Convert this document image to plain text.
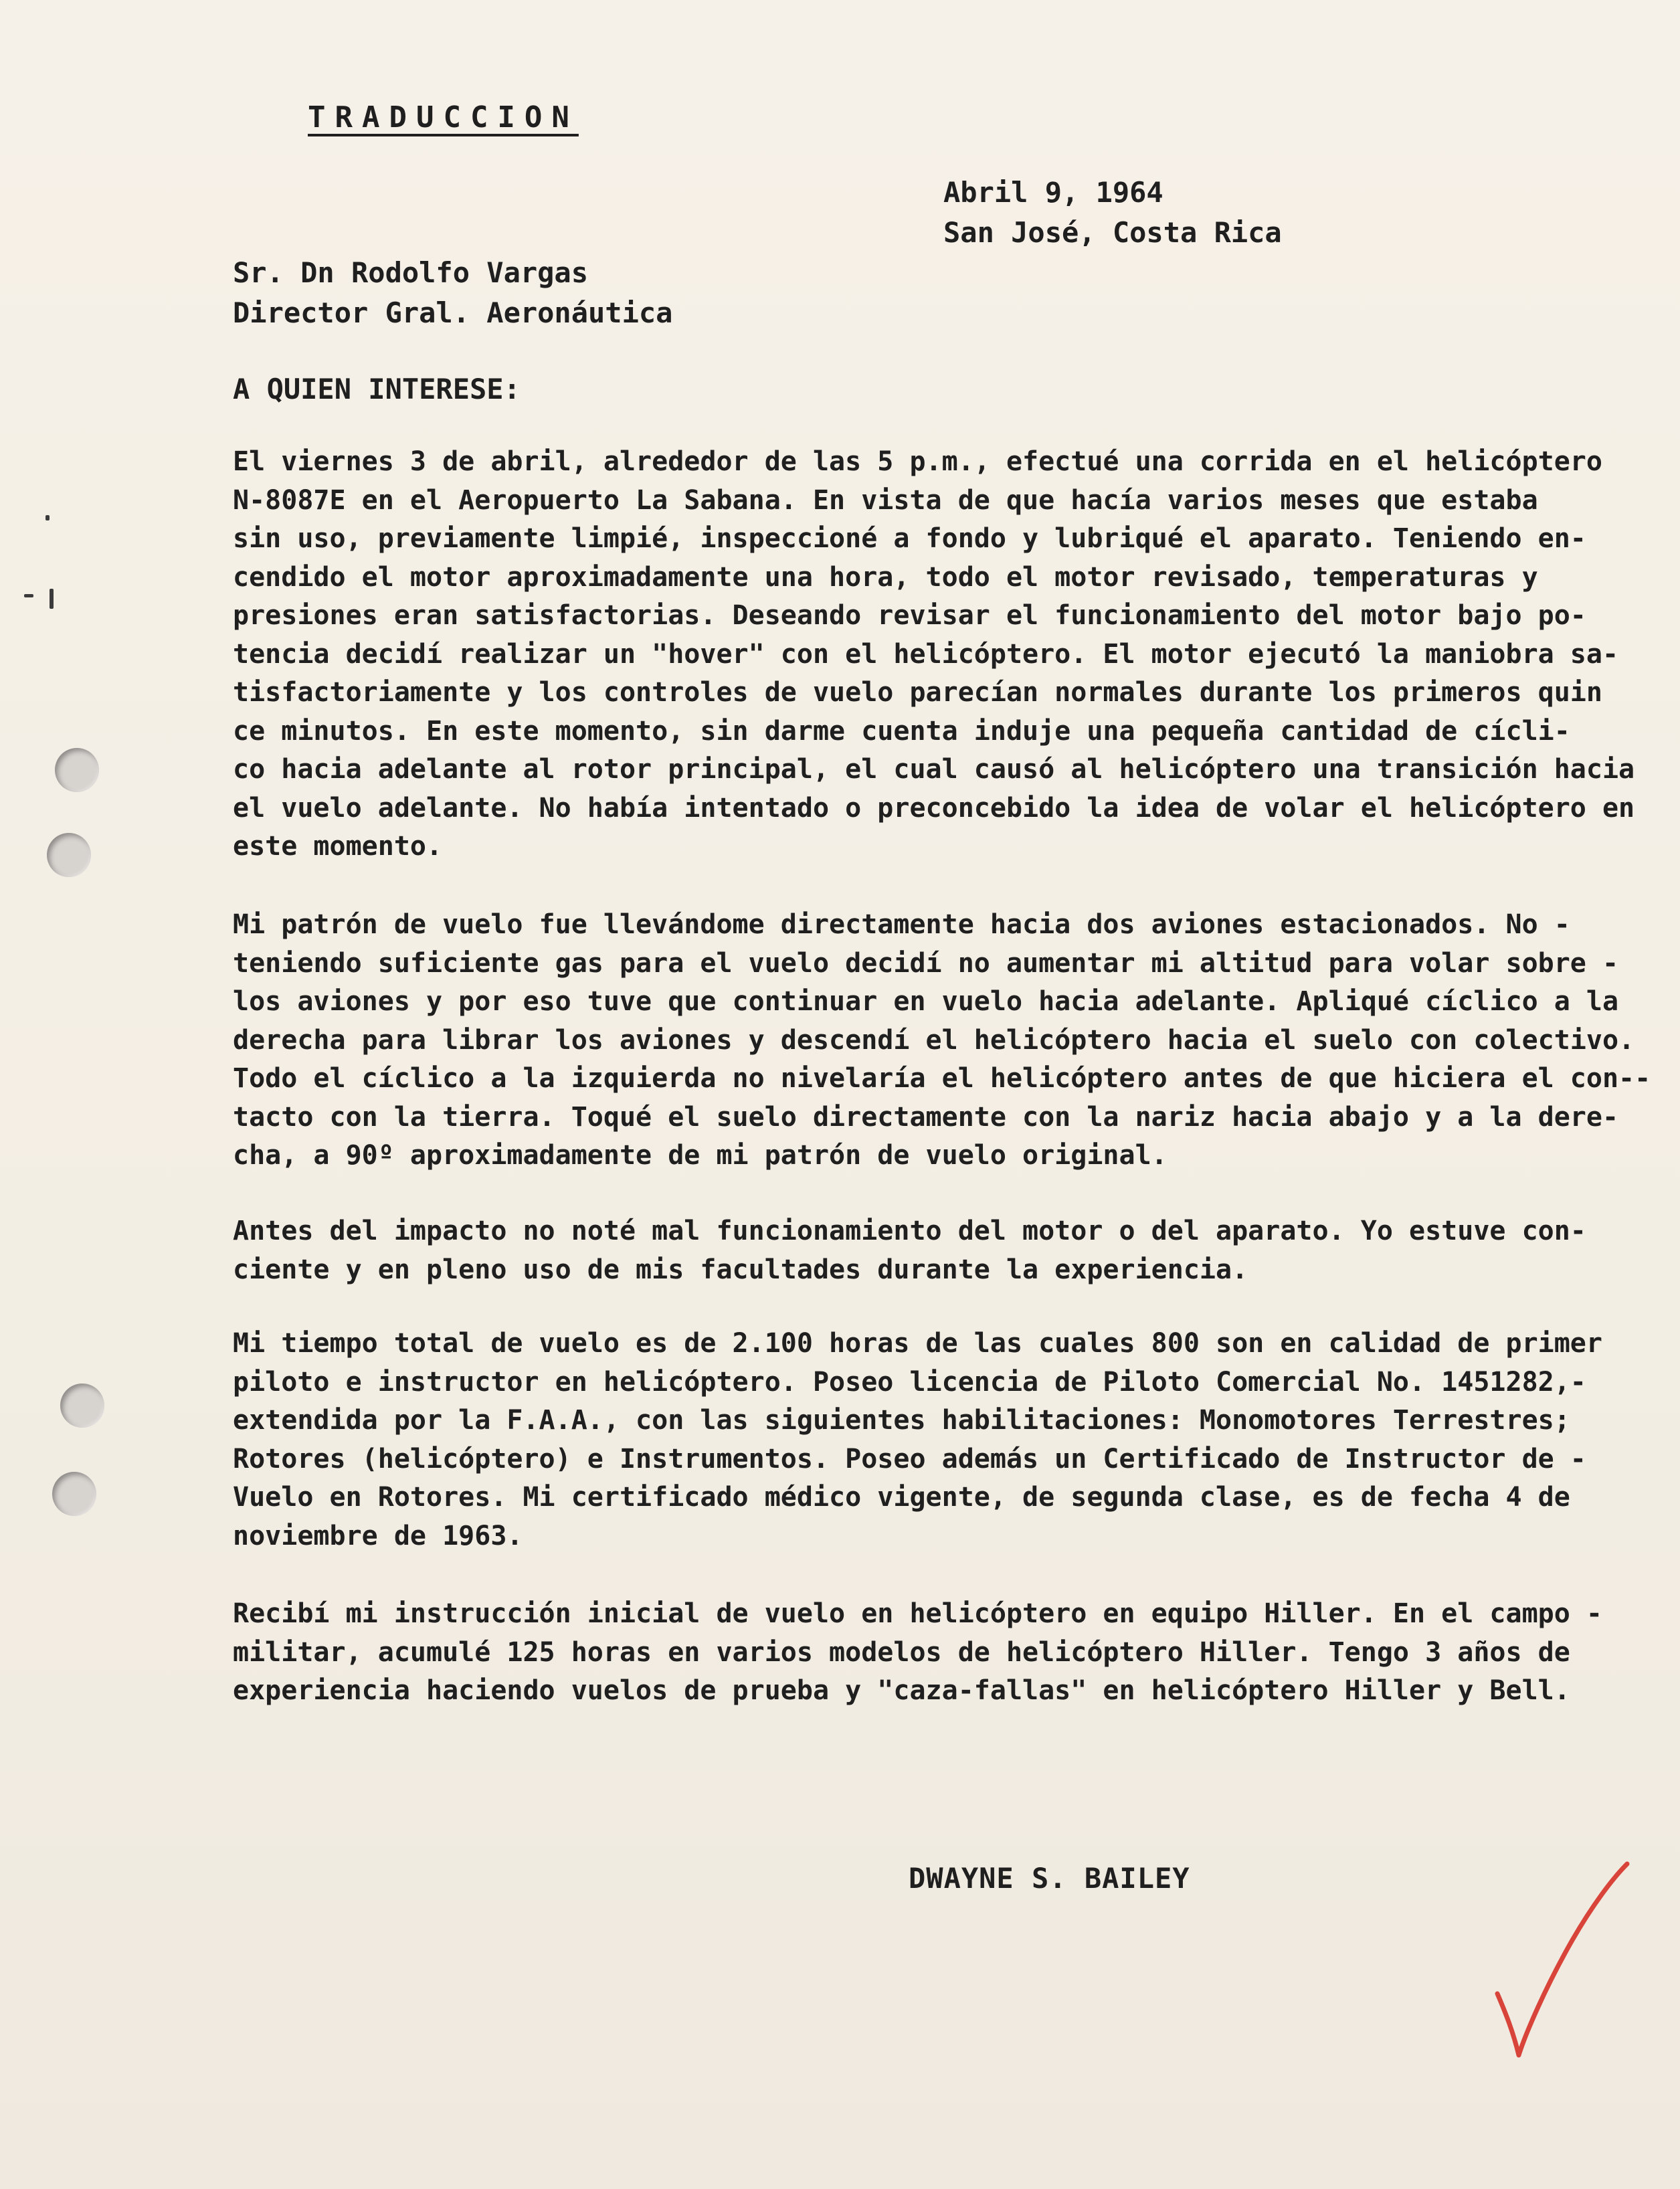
TRADUCCION
Abril 9, 1964
San José, Costa Rica
Sr. Dn Rodolfo Vargas
Director Gral. Aeronáutica
A QUIEN INTERESE:
El viernes 3 de abril, alrededor de las 5 p.m., efectué una corrida en el helicóptero
N-8087E en el Aeropuerto La Sabana. En vista de que hacía varios meses que estaba
sin uso, previamente limpié, inspeccioné a fondo y lubriqué el aparato. Teniendo en-
cendido el motor aproximadamente una hora, todo el motor revisado, temperaturas y
presiones eran satisfactorias. Deseando revisar el funcionamiento del motor bajo po-
tencia decidí realizar un "hover" con el helicóptero. El motor ejecutó la maniobra sa-
tisfactoriamente y los controles de vuelo parecían normales durante los primeros quin
ce minutos. En este momento, sin darme cuenta induje una pequeña cantidad de cícli-
co hacia adelante al rotor principal, el cual causó al helicóptero una transición hacia
el vuelo adelante. No había intentado o preconcebido la idea de volar el helicóptero en
este momento.
Mi patrón de vuelo fue llevándome directamente hacia dos aviones estacionados. No -
teniendo suficiente gas para el vuelo decidí no aumentar mi altitud para volar sobre -
los aviones y por eso tuve que continuar en vuelo hacia adelante. Apliqué cíclico a la
derecha para librar los aviones y descendí el helicóptero hacia el suelo con colectivo.
Todo el cíclico a la izquierda no nivelaría el helicóptero antes de que hiciera el con--
tacto con la tierra. Toqué el suelo directamente con la nariz hacia abajo y a la dere-
cha, a 90º aproximadamente de mi patrón de vuelo original.
Antes del impacto no noté mal funcionamiento del motor o del aparato. Yo estuve con-
ciente y en pleno uso de mis facultades durante la experiencia.
Mi tiempo total de vuelo es de 2.100 horas de las cuales 800 son en calidad de primer
piloto e instructor en helicóptero. Poseo licencia de Piloto Comercial No. 1451282,-
extendida por la F.A.A., con las siguientes habilitaciones: Monomotores Terrestres;
Rotores (helicóptero) e Instrumentos. Poseo además un Certificado de Instructor de -
Vuelo en Rotores. Mi certificado médico vigente, de segunda clase, es de fecha 4 de
noviembre de 1963.
Recibí mi instrucción inicial de vuelo en helicóptero en equipo Hiller. En el campo -
militar, acumulé 125 horas en varios modelos de helicóptero Hiller. Tengo 3 años de
experiencia haciendo vuelos de prueba y "caza-fallas" en helicóptero Hiller y Bell.
DWAYNE S. BAILEY
